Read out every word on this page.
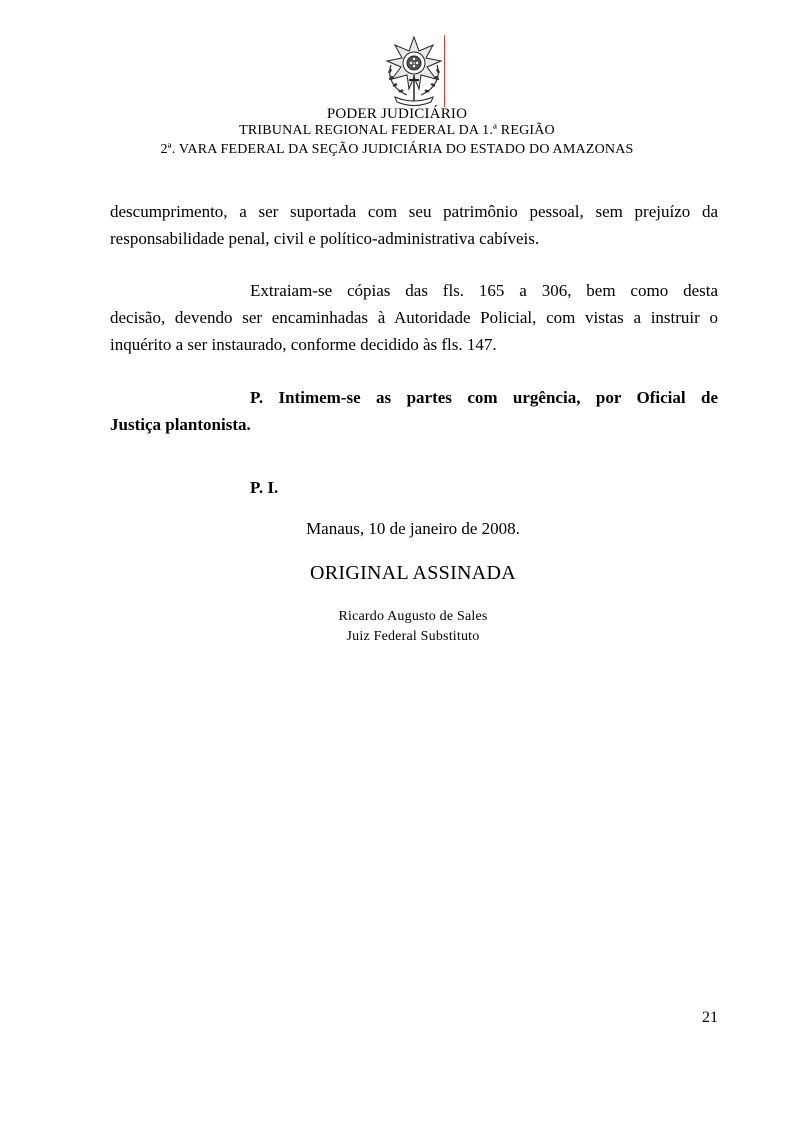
PODER JUDICIÁRIO
TRIBUNAL REGIONAL FEDERAL DA 1.ª REGIÃO
2ª. VARA FEDERAL DA SEÇÃO JUDICIÁRIA DO ESTADO DO AMAZONAS

descumprimento, a ser suportada com seu patrimônio pessoal, sem prejuízo da
responsabilidade penal, civil e político-administrativa cabíveis.

Extraiam-se cópias das fls. 165 a 306, bem como desta
decisão, devendo ser encaminhadas à Autoridade Policial, com vistas a instruir o
inquérito a ser instaurado, conforme decidido às fls. 147.

P. Intimem-se as partes com urgência, por Oficial de
Justiça plantonista.

P. I.
Manaus, 10 de janeiro de 2008.
ORIGINAL ASSINADA
Ricardo Augusto de Sales
Juiz Federal Substituto
21
